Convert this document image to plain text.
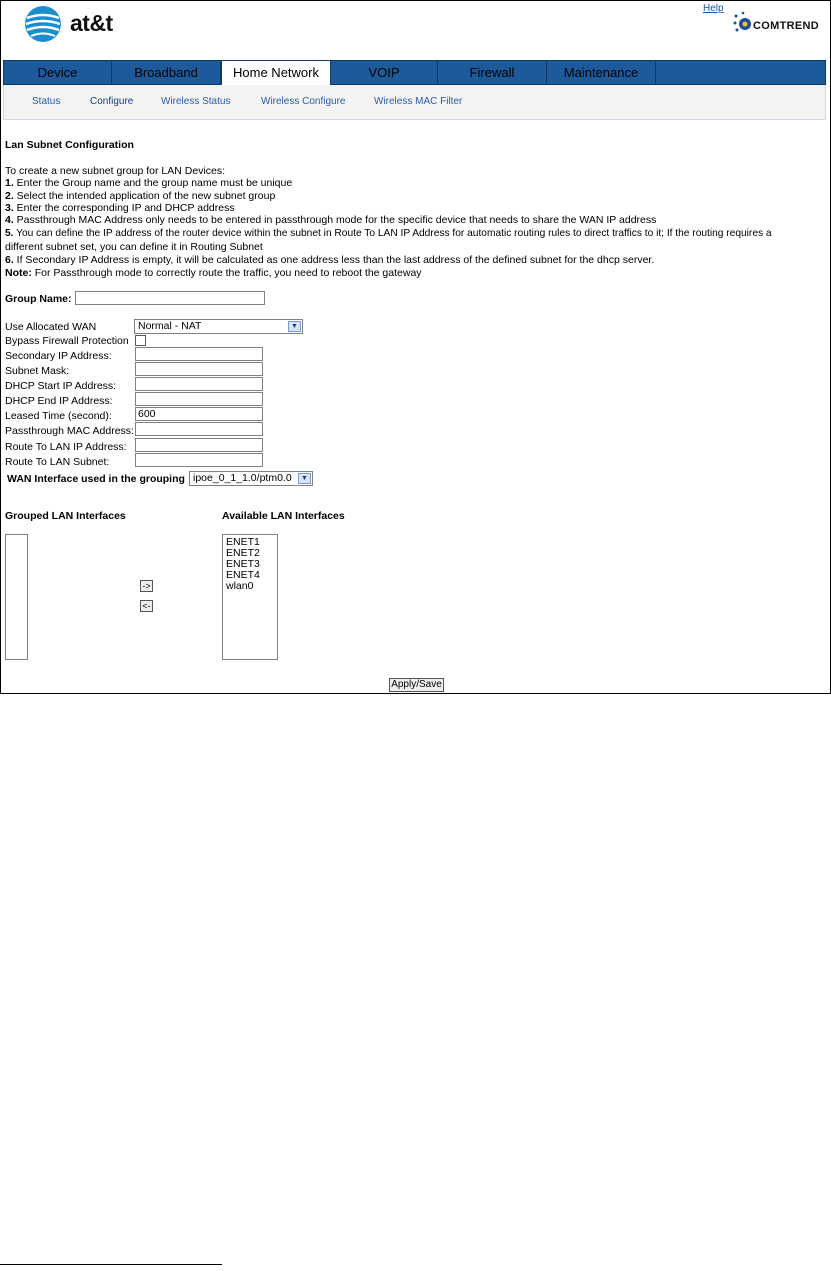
at&t
Help
COMTREND
Device	Broadband	Home Network	VOIP	Firewall	Maintenance
Status	Configure	Wireless Status	Wireless Configure	Wireless MAC Filter
Lan Subnet Configuration
To create a new subnet group for LAN Devices:
1. Enter the Group name and the group name must be unique
2. Select the intended application of the new subnet group
3. Enter the corresponding IP and DHCP address
4. Passthrough MAC Address only needs to be entered in passthrough mode for the specific device that needs to share the WAN IP address
5. You can define the IP address of the router device within the subnet in Route To LAN IP Address for automatic routing rules to direct traffics to it; If the routing requires a
different subnet set, you can define it in Routing Subnet
6. If Secondary IP Address is empty, it will be calculated as one address less than the last address of the defined subnet for the dhcp server.
Note: For Passthrough mode to correctly route the traffic, you need to reboot the gateway
Group Name:
Use Allocated WAN	Normal - NAT	▼
Bypass Firewall Protection
Secondary IP Address:
Subnet Mask:
DHCP Start IP Address:
DHCP End IP Address:
Leased Time (second): 600
Passthrough MAC Address:
Route To LAN IP Address:
Route To LAN Subnet:
WAN Interface used in the grouping ipoe_0_1_1.0/ptm0.0	▼
Grouped LAN Interfaces	Available LAN Interfaces
->
<-
ENET1
ENET2
ENET3
ENET4
wlan0
Apply/Save
